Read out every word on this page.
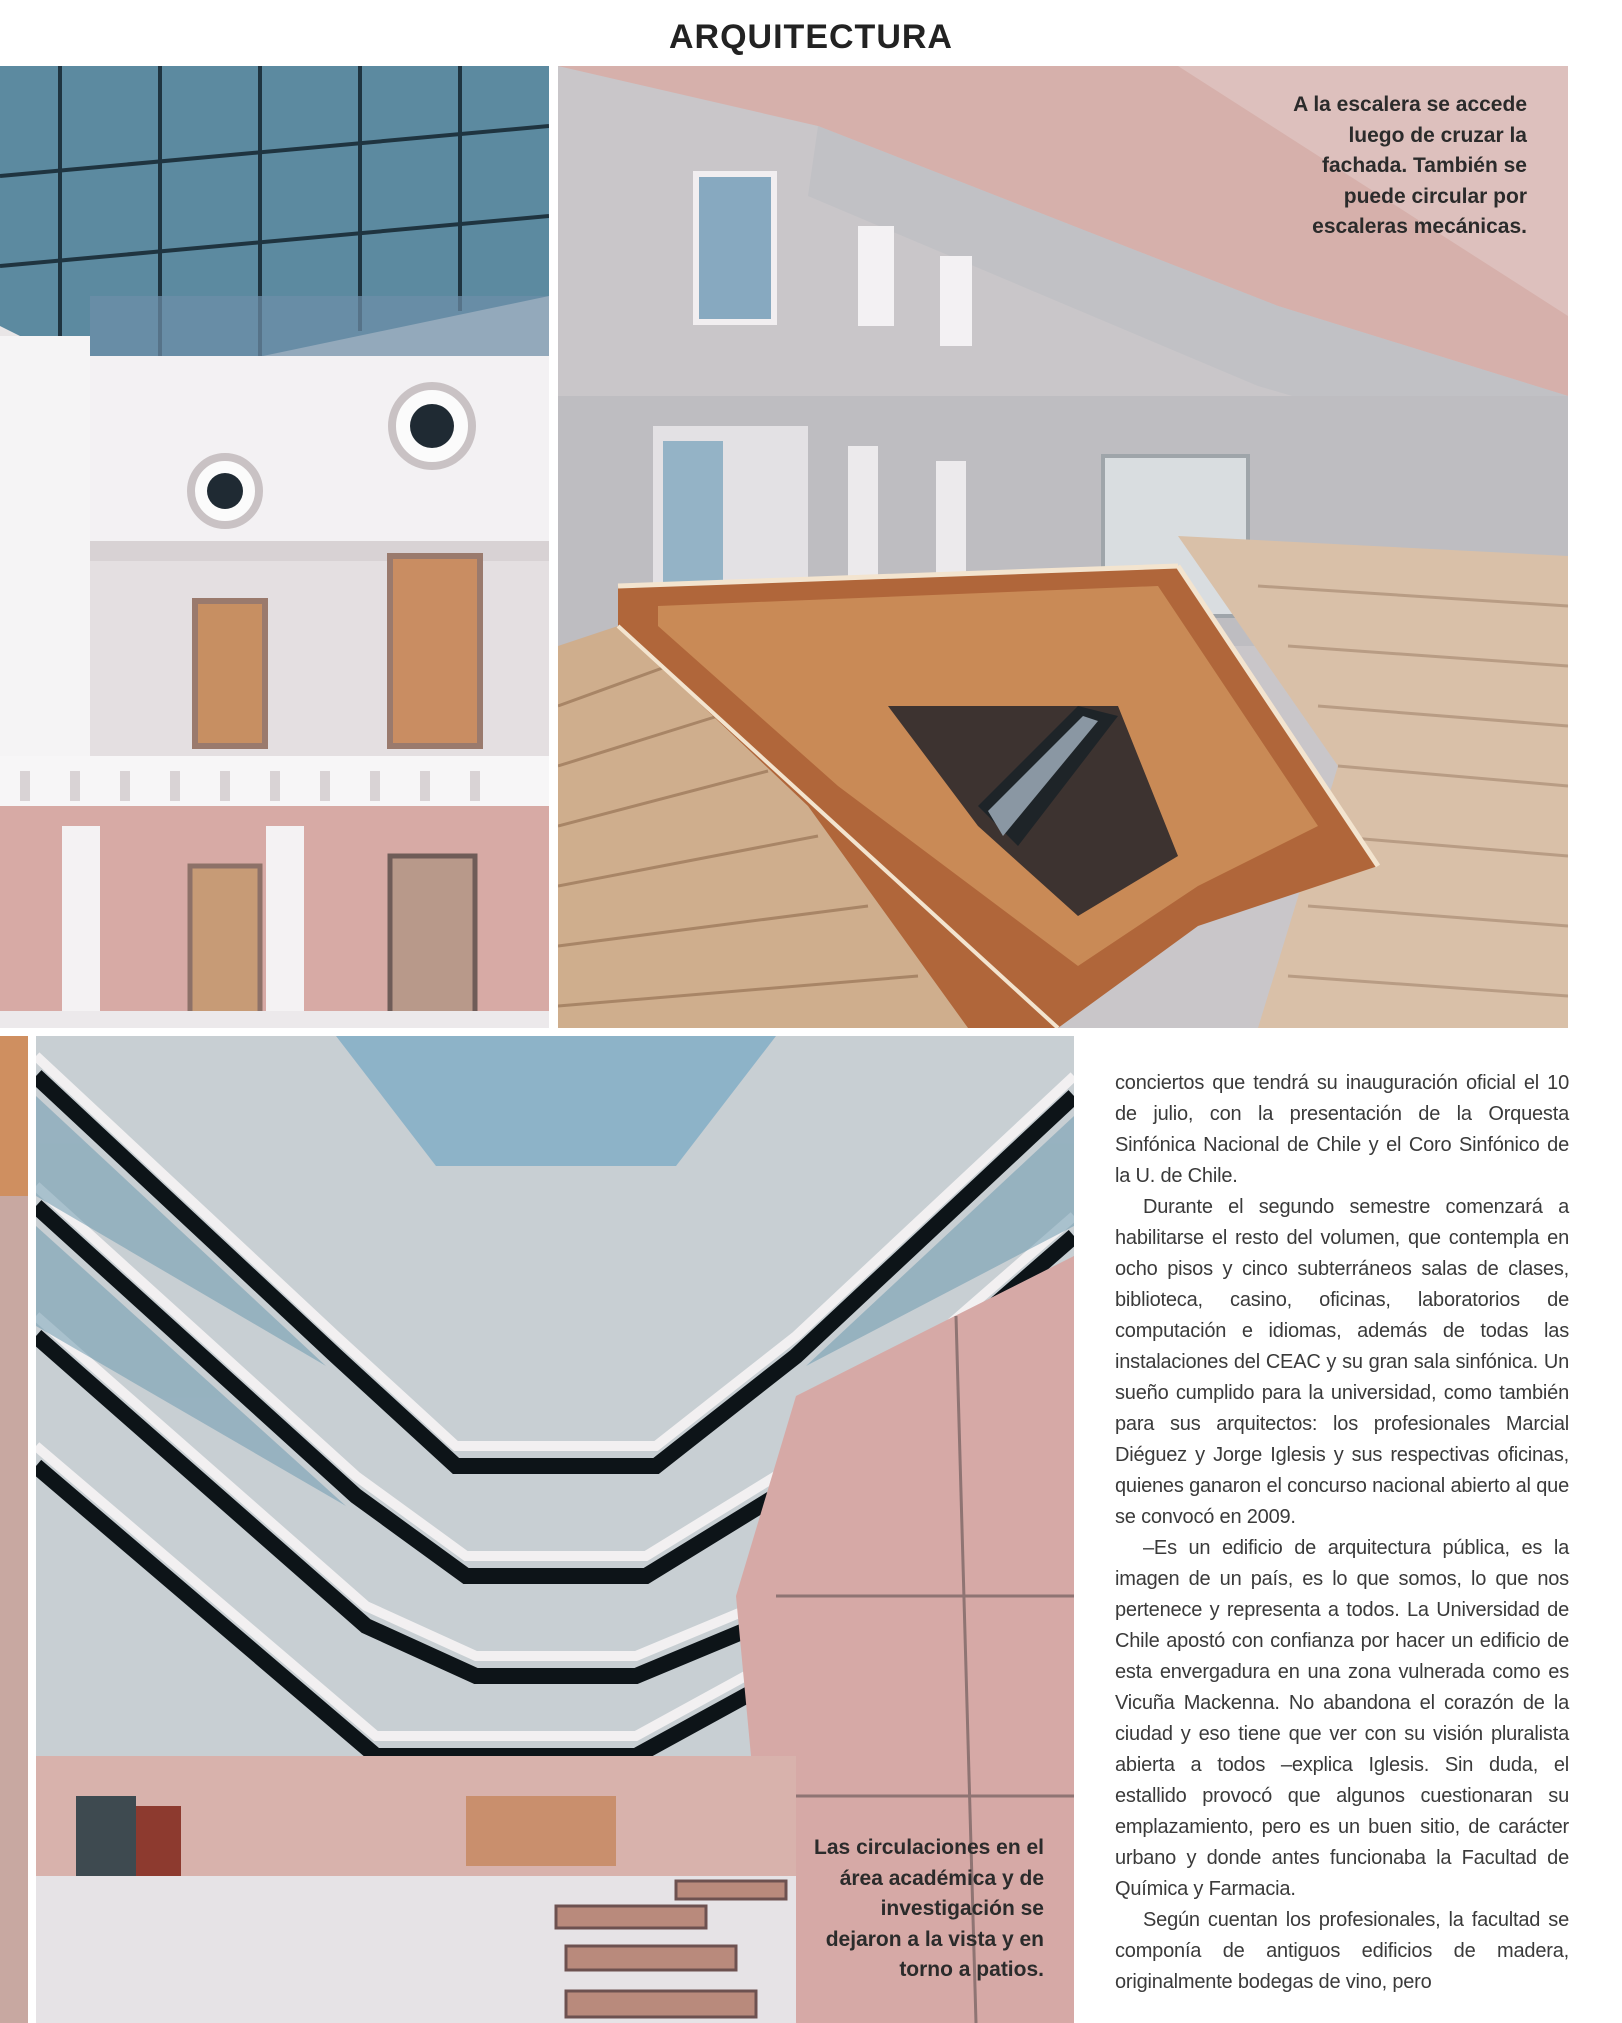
ARQUITECTURA
A la escalera se accede luego de cruzar la fachada. También se puede circular por escaleras mecánicas.
Las circulaciones en el área académica y de investigación se dejaron a la vista y en torno a patios.

conciertos que tendrá su inauguración oficial el 10 de julio, con la presentación de la Orquesta Sinfónica Nacional de Chile y el Coro Sinfónico de la U. de Chile.

Durante el segundo semestre comenzará a habilitarse el resto del volumen, que contempla en ocho pisos y cinco subterráneos salas de clases, biblioteca, casino, oficinas, laboratorios de computación e idiomas, además de todas las instalaciones del CEAC y su gran sala sinfónica. Un sueño cumplido para la universidad, como también para sus arquitectos: los profesionales Marcial Diéguez y Jorge Iglesis y sus respectivas oficinas, quienes ganaron el concurso nacional abierto al que se convocó en 2009.

–Es un edificio de arquitectura pública, es la imagen de un país, es lo que somos, lo que nos pertenece y representa a todos. La Universidad de Chile apostó con confianza por hacer un edificio de esta envergadura en una zona vulnerada como es Vicuña Mackenna. No abandona el corazón de la ciudad y eso tiene que ver con su visión pluralista abierta a todos –explica Iglesis. Sin duda, el estallido provocó que algunos cuestionaran su emplazamiento, pero es un buen sitio, de carácter urbano y donde antes funcionaba la Facultad de Química y Farmacia.

Según cuentan los profesionales, la facultad se componía de antiguos edificios de madera, originalmente bodegas de vino, pero
